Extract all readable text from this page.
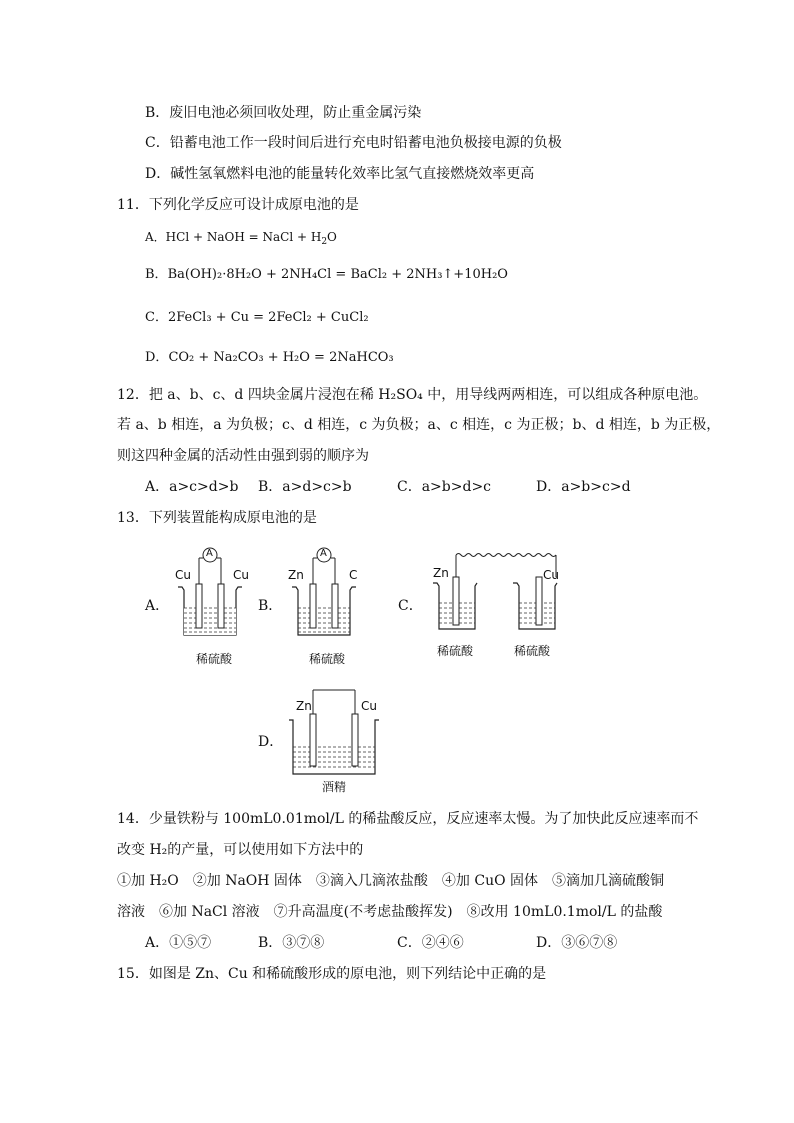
B．废旧电池必须回收处理，防止重金属污染
C．铅蓄电池工作一段时间后进行充电时铅蓄电池负极接电源的负极
D．碱性氢氧燃料电池的能量转化效率比氢气直接燃烧效率更高
11．下列化学反应可设计成原电池的是
A．HCl + NaOH = NaCl + $H_2O$
B．Ba(OH)₂·8H₂O + 2NH₄Cl = BaCl₂ + 2NH₃↑+10H₂O
C．2FeCl₃ + Cu = 2FeCl₂ + CuCl₂
D．CO₂ + Na₂CO₃ + H₂O = 2NaHCO₃
12．把 a、b、c、d 四块金属片浸泡在稀 H₂SO₄ 中，用导线两两相连，可以组成各种原电池。
若 a、b 相连，a 为负极；c、d 相连，c 为负极；a、c 相连，c 为正极；b、d 相连，b 为正极，
则这四种金属的活动性由强到弱的顺序为
A．a>c>d>b B．a>d>c>b	C．a>b>d>c	D．a>b>c>d
13．下列装置能构成原电池的是
A．	B．	C．
D．
A
Cu	Cu
稀硫酸
A
Zn	C
稀硫酸
Zn	Cu
稀硫酸	稀硫酸
Zn	Cu
酒精
14．少量铁粉与 100mL0.01mol/L 的稀盐酸反应，反应速率太慢。为了加快此反应速率而不
改变 H₂的产量，可以使用如下方法中的
①加 H₂O　②加 NaOH 固体　③滴入几滴浓盐酸　④加 CuO 固体　⑤滴加几滴硫酸铜
溶液　⑥加 NaCl 溶液　⑦升高温度(不考虑盐酸挥发)　⑧改用 10mL0.1mol/L 的盐酸
A．①⑤⑦	B．③⑦⑧	C．②④⑥	D．③⑥⑦⑧
15．如图是 Zn、Cu 和稀硫酸形成的原电池，则下列结论中正确的是
